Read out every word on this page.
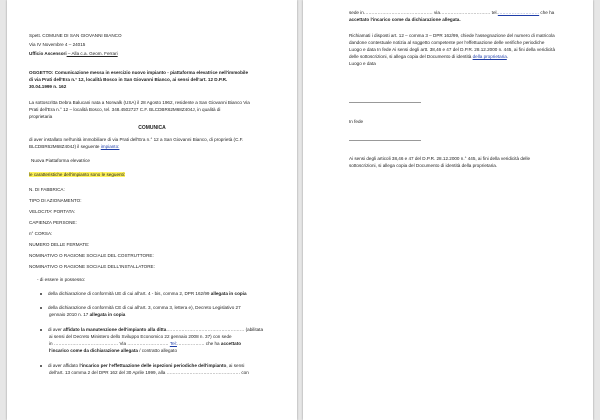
Spett. COMUNE DI SAN GIOVANNI BIANCO
Via IV Novembre 4 – 24015
Ufficio Ascensori – Alla c.a. Geom. Ferrari
OGGETTO: Comunicazione messa in esercizio nuovo impianto - piattaforma elevatrice nell'immobile
di via Prati dell'Era n.° 12, località Bosco in San Giovanni Bianco, ai sensi dell'art. 12 D.P.R.
30.04.1999 n. 162
La sottoscritta Debra Balucani nata a Norwalk (USA) il 28 Agosto 1962, residente a San Giovanni Bianco Via
Prati dell'Era n.° 12 – località Bosco, tel. 348.4502727 C.F. BLCDBR62M68Z404J, in qualità di
proprietaria
COMUNICA
di aver installato nell'unità immobiliare di via Prati dell'Era n.° 12 a San Giovanni Bianco, di proprietà (C.F.
BLCDBR62M68Z404J) il seguente impianto:
Nuova Piattaforma elevatrice
le caratteristiche dell'impianto sono le seguenti:
N. DI FABBRICA:
TIPO DI AZIONAMENTO:
VELOCITA' PORTATA:
CAPIENZA PERSONE:
n° CORSA:
NUMERO DELLE FERMATE:
NOMINATIVO O RAGIONE SOCIALE DEL COSTRUTTORE:
NOMINATIVO O RAGIONE SOCIALE DELL'INSTALLATORE:
- di essere in possesso:
della dichiarazione di conformità UE di cui all'art. 4 - bis, comma 2, DPR 162/99 allegata in copia
della dichiarazione di conformità CE di cui all'art. 3, comma 3, lettera e), Decreto Legislativo 27
gennaio 2010 n. 17 allegata in copia
di aver affidato la manutenzione dell'impianto alla ditta…………………………………………… (abilitata
ai sensi del Decreto Ministero dello Sviluppo Economico 22 gennaio 2008 n. 37) con sede
in …………………………………… Via ……………………… Tel:……………… che ha accettato
l'incarico come da dichiarazione allegata / contratto allegato
di aver affidato l'incarico per l'effettuazione delle ispezioni periodiche dell'impianto, ai sensi
dell'art. 13 comma 2 del DPR 162 del 30 Aprile 1999, alla ………………………………………… con
sede in……………………………………… via…………………………… tel.……………………… che ha
accettato l'incarico come da dichiarazione allegata.
Richiamati i disposti art. 12 – comma 3 – DPR 162/99, chiede l'assegnazione del numero di matricola
dandone contestuale notizia al soggetto competente per l'effettuazione delle verifiche periodiche
Luogo e data In fede Ai sensi degli artt. 38,46 e 47 del D.P.R. 28.12.2000 n. 445, ai fini della veridicità
delle sottoscrizioni, si allega copia del Documento di identità della proprietaria.
Luogo e data
In fede
Ai sensi degli articoli 38,46 e 47 del D.P.R. 28.12.2000 n.° 445, ai fini della veridicità delle
sottoscrizioni, si allega copia del Documento di identità della proprietaria.
